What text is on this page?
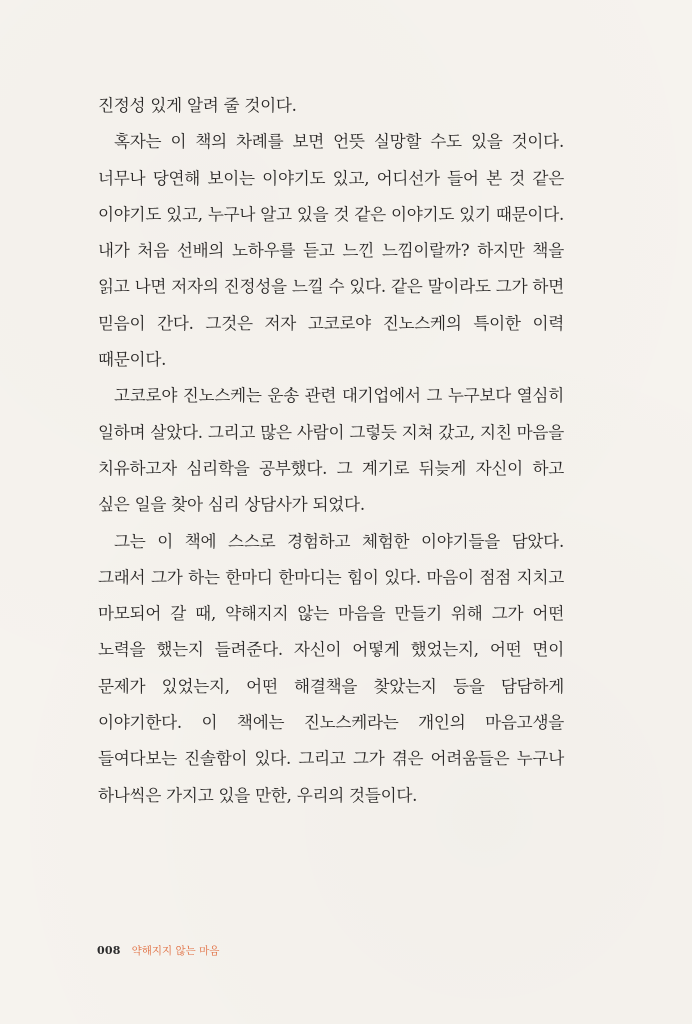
진정성 있게 알려 줄 것이다.

혹자는 이 책의 차례를 보면 언뜻 실망할 수도 있을 것이다. 너무나 당연해 보이는 이야기도 있고, 어디선가 들어 본 것 같은 이야기도 있고, 누구나 알고 있을 것 같은 이야기도 있기 때문이다. 내가 처음 선배의 노하우를 듣고 느낀 느낌이랄까? 하지만 책을 읽고 나면 저자의 진정성을 느낄 수 있다. 같은 말이라도 그가 하면 믿음이 간다. 그것은 저자 고코로야 진노스케의 특이한 이력 때문이다.

고코로야 진노스케는 운송 관련 대기업에서 그 누구보다 열심히 일하며 살았다. 그리고 많은 사람이 그렇듯 지쳐 갔고, 지친 마음을 치유하고자 심리학을 공부했다. 그 계기로 뒤늦게 자신이 하고 싶은 일을 찾아 심리 상담사가 되었다.

그는 이 책에 스스로 경험하고 체험한 이야기들을 담았다. 그래서 그가 하는 한마디 한마디는 힘이 있다. 마음이 점점 지치고 마모되어 갈 때, 약해지지 않는 마음을 만들기 위해 그가 어떤 노력을 했는지 들려준다. 자신이 어떻게 했었는지, 어떤 면이 문제가 있었는지, 어떤 해결책을 찾았는지 등을 담담하게 이야기한다. 이 책에는 진노스케라는 개인의 마음고생을 들여다보는 진솔함이 있다. 그리고 그가 겪은 어려움들은 누구나 하나씩은 가지고 있을 만한, 우리의 것들이다.

008 약해지지 않는 마음
